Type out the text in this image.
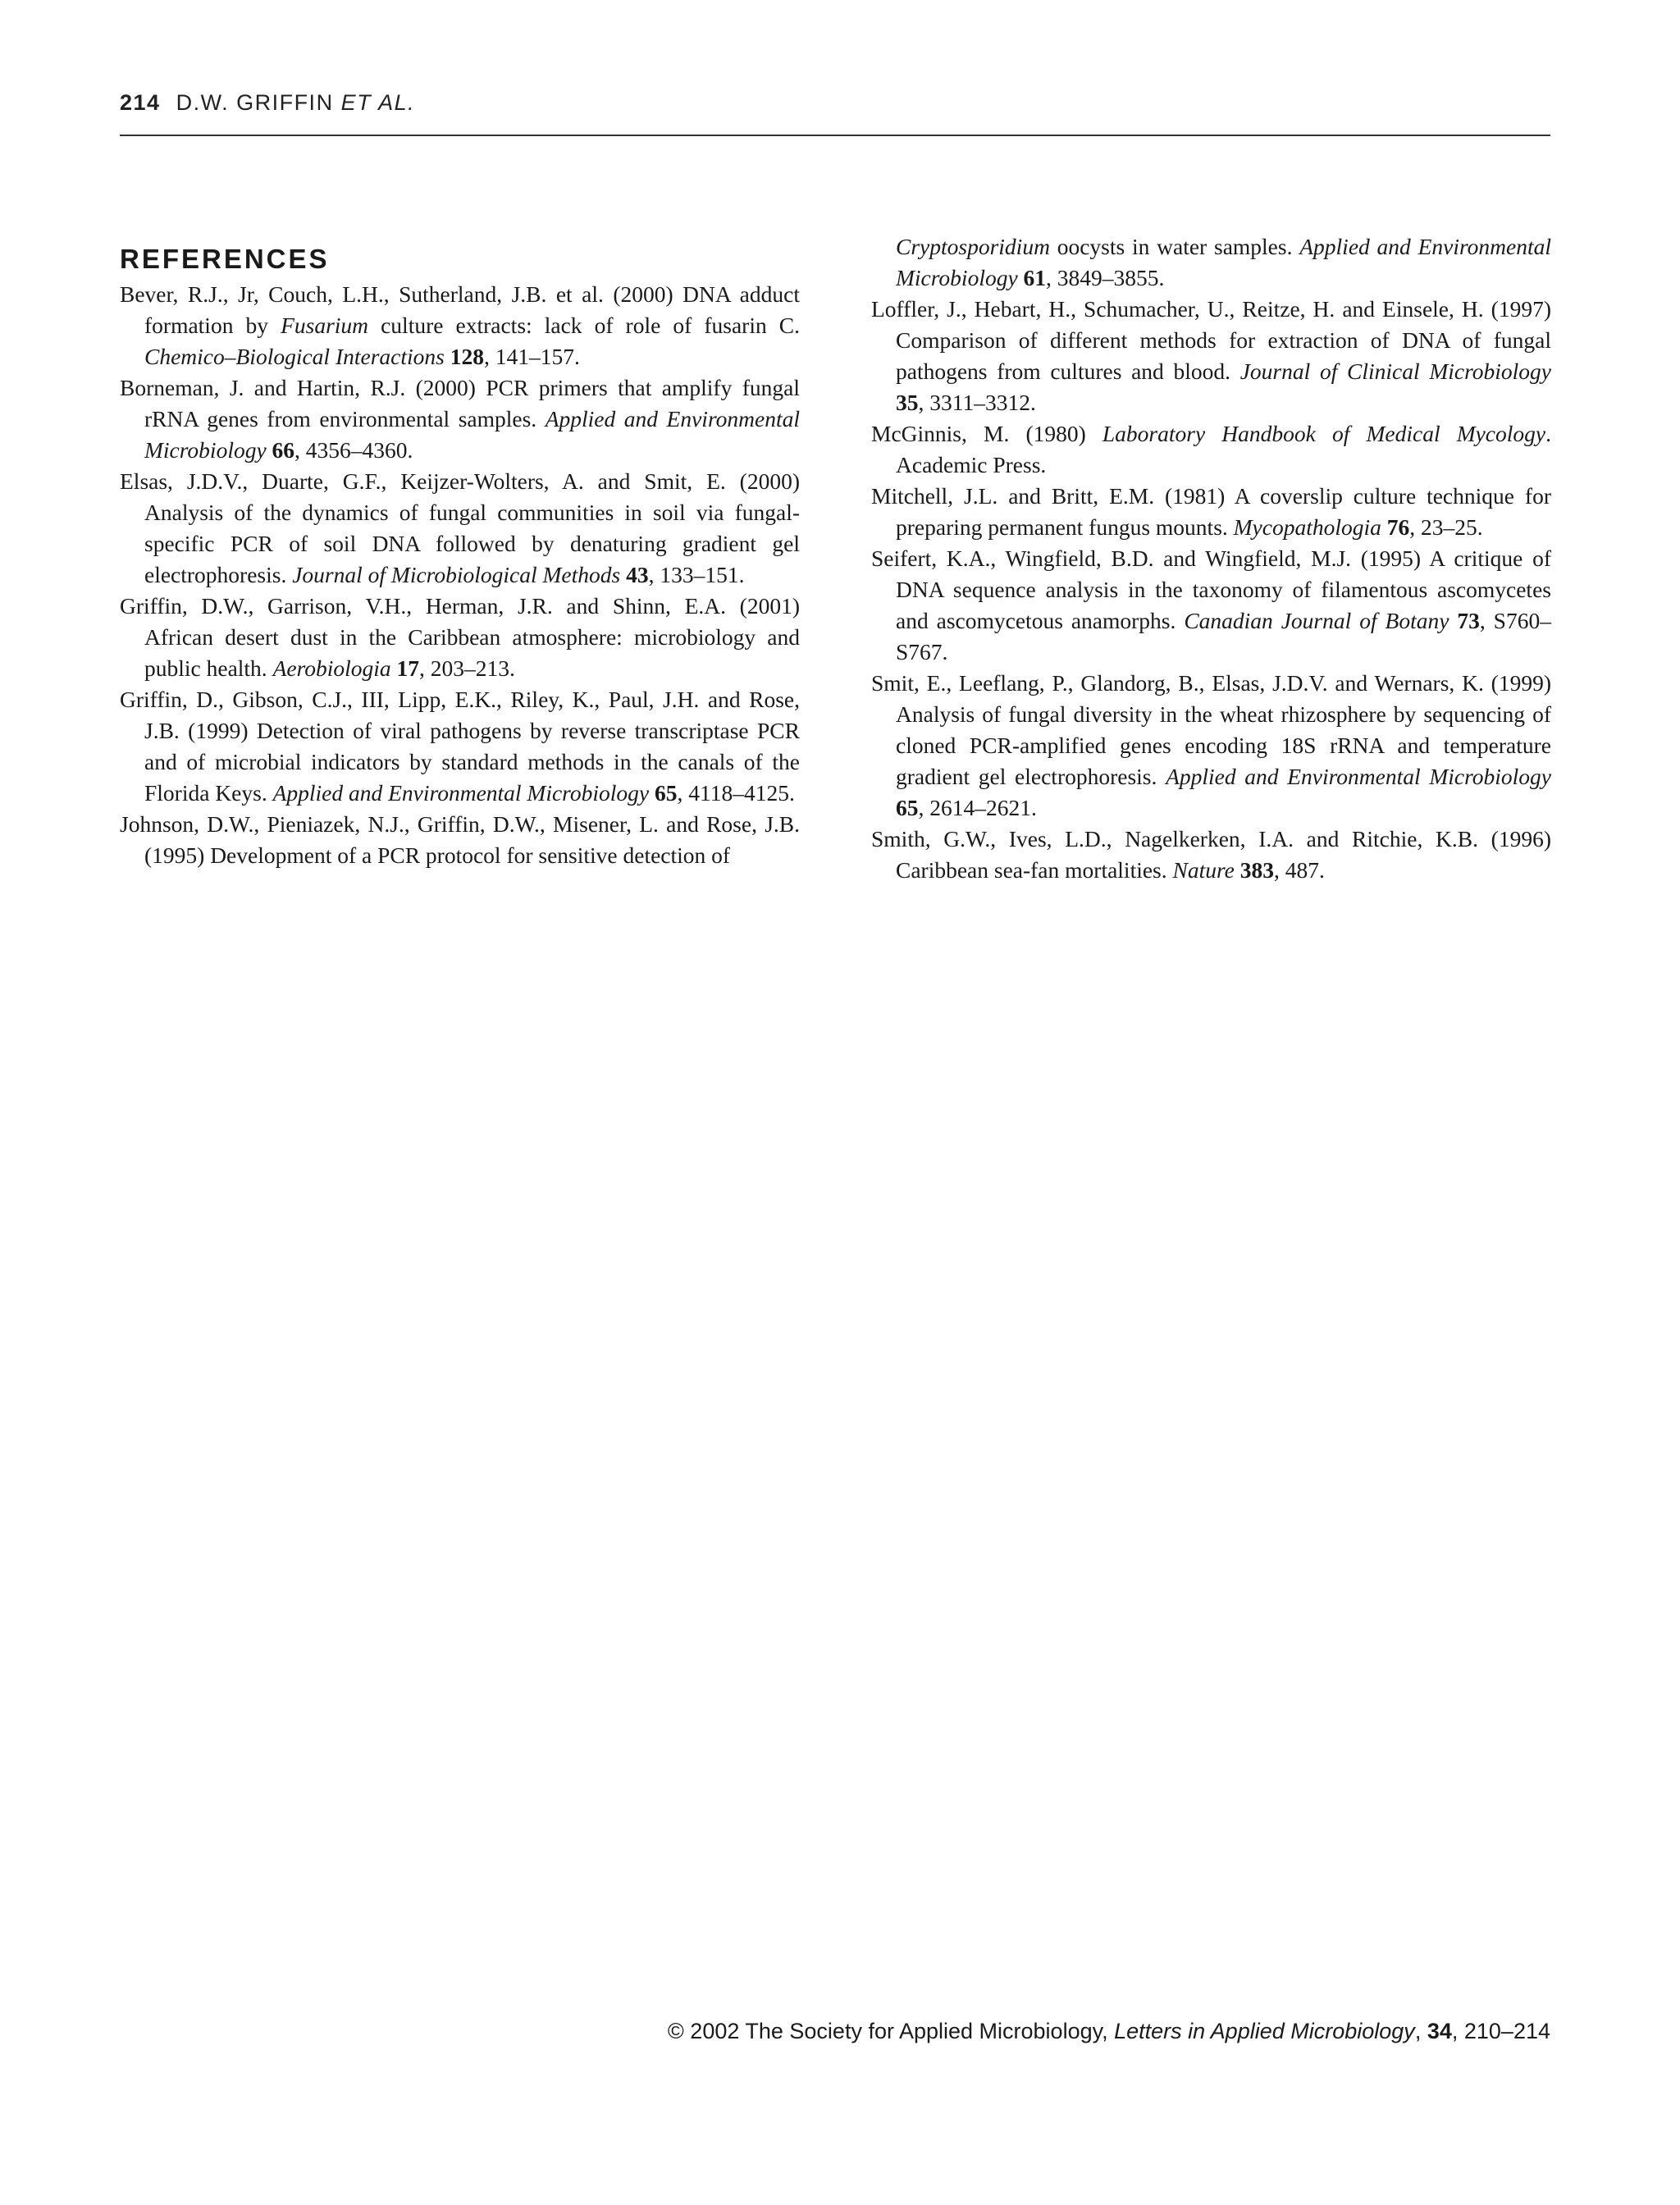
214 D.W. GRIFFIN ET AL.
REFERENCES

Bever, R.J., Jr, Couch, L.H., Sutherland, J.B. et al. (2000) DNA adduct formation by Fusarium culture extracts: lack of role of fusarin C. Chemico–Biological Interactions 128, 141–157.

Borneman, J. and Hartin, R.J. (2000) PCR primers that amplify fungal rRNA genes from environmental samples. Applied and Environmental Microbiology 66, 4356–4360.

Elsas, J.D.V., Duarte, G.F., Keijzer-Wolters, A. and Smit, E. (2000) Analysis of the dynamics of fungal communities in soil via fungal-specific PCR of soil DNA followed by denaturing gradient gel electrophoresis. Journal of Microbiological Methods 43, 133–151.

Griffin, D.W., Garrison, V.H., Herman, J.R. and Shinn, E.A. (2001) African desert dust in the Caribbean atmosphere: microbiology and public health. Aerobiologia 17, 203–213.

Griffin, D., Gibson, C.J., III, Lipp, E.K., Riley, K., Paul, J.H. and Rose, J.B. (1999) Detection of viral pathogens by reverse transcriptase PCR and of microbial indicators by standard methods in the canals of the Florida Keys. Applied and Environmental Microbiology 65, 4118–4125.

Johnson, D.W., Pieniazek, N.J., Griffin, D.W., Misener, L. and Rose, J.B. (1995) Development of a PCR protocol for sensitive detection of

Cryptosporidium oocysts in water samples. Applied and Environmental Microbiology 61, 3849–3855.

Loffler, J., Hebart, H., Schumacher, U., Reitze, H. and Einsele, H. (1997) Comparison of different methods for extraction of DNA of fungal pathogens from cultures and blood. Journal of Clinical Microbiology 35, 3311–3312.

McGinnis, M. (1980) Laboratory Handbook of Medical Mycology. Academic Press.

Mitchell, J.L. and Britt, E.M. (1981) A coverslip culture technique for preparing permanent fungus mounts. Mycopathologia 76, 23–25.

Seifert, K.A., Wingfield, B.D. and Wingfield, M.J. (1995) A critique of DNA sequence analysis in the taxonomy of filamentous ascomycetes and ascomycetous anamorphs. Canadian Journal of Botany 73, S760–S767.

Smit, E., Leeflang, P., Glandorg, B., Elsas, J.D.V. and Wernars, K. (1999) Analysis of fungal diversity in the wheat rhizosphere by sequencing of cloned PCR-amplified genes encoding 18S rRNA and temperature gradient gel electrophoresis. Applied and Environmental Microbiology 65, 2614–2621.

Smith, G.W., Ives, L.D., Nagelkerken, I.A. and Ritchie, K.B. (1996) Caribbean sea-fan mortalities. Nature 383, 487.

© 2002 The Society for Applied Microbiology, Letters in Applied Microbiology, 34, 210–214
